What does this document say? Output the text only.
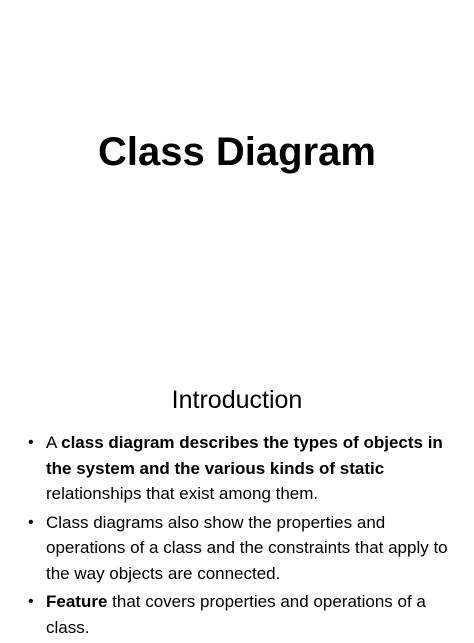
Class Diagram
Introduction
• A class diagram describes the types of objects in the system and the various kinds of static relationships that exist among them.
• Class diagrams also show the properties and operations of a class and the constraints that apply to the way objects are connected.
• Feature that covers properties and operations of a class.
